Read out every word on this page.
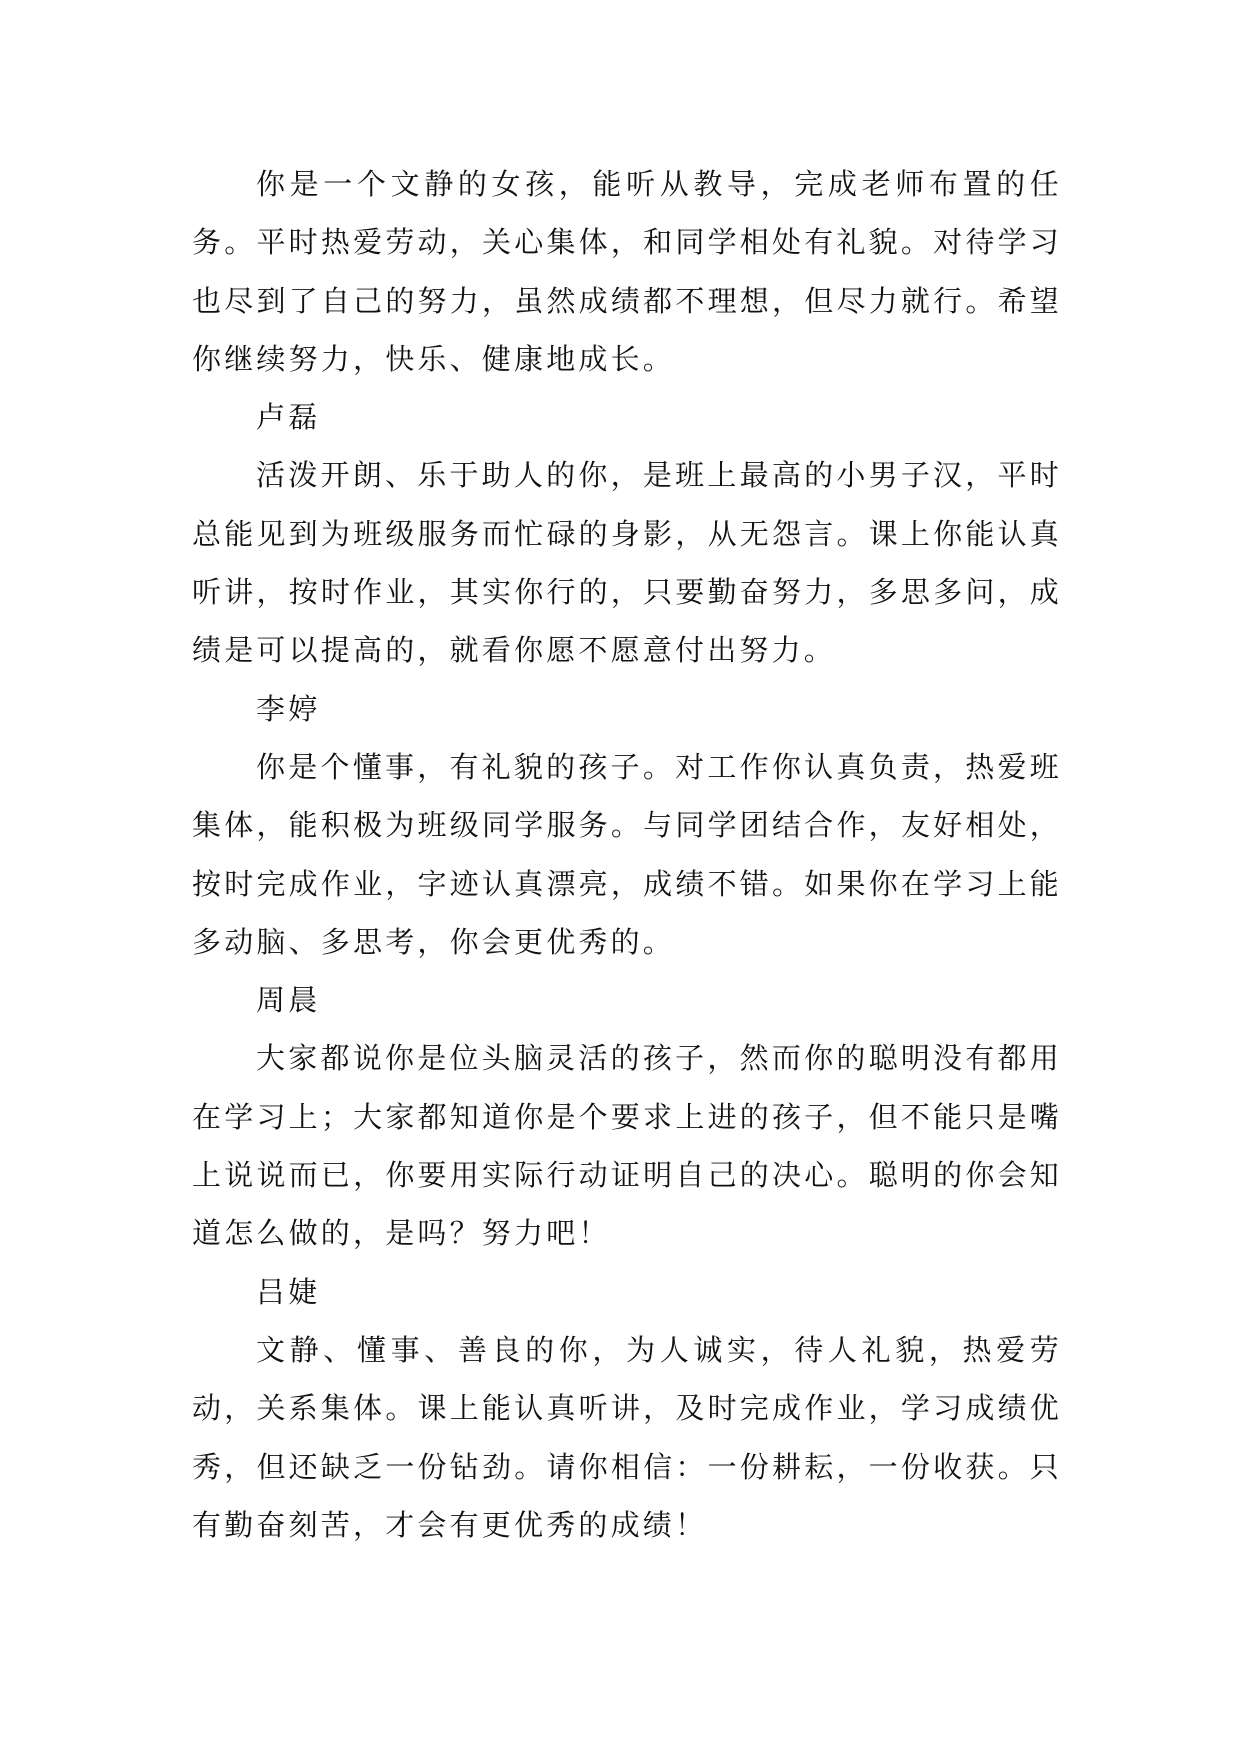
你是一个文静的女孩，能听从教导，完成老师布置的任务。平时热爱劳动，关心集体，和同学相处有礼貌。对待学习也尽到了自己的努力，虽然成绩都不理想，但尽力就行。希望你继续努力，快乐、健康地成长。

卢磊

活泼开朗、乐于助人的你，是班上最高的小男子汉，平时总能见到为班级服务而忙碌的身影，从无怨言。课上你能认真听讲，按时作业，其实你行的，只要勤奋努力，多思多问，成绩是可以提高的，就看你愿不愿意付出努力。

李婷

你是个懂事，有礼貌的孩子。对工作你认真负责，热爱班集体，能积极为班级同学服务。与同学团结合作，友好相处，按时完成作业，字迹认真漂亮，成绩不错。如果你在学习上能多动脑、多思考，你会更优秀的。

周晨

大家都说你是位头脑灵活的孩子，然而你的聪明没有都用在学习上；大家都知道你是个要求上进的孩子，但不能只是嘴上说说而已，你要用实际行动证明自己的决心。聪明的你会知道怎么做的，是吗？努力吧！

吕婕

文静、懂事、善良的你，为人诚实，待人礼貌，热爱劳动，关系集体。课上能认真听讲，及时完成作业，学习成绩优秀，但还缺乏一份钻劲。请你相信：一份耕耘，一份收获。只有勤奋刻苦，才会有更优秀的成绩！
